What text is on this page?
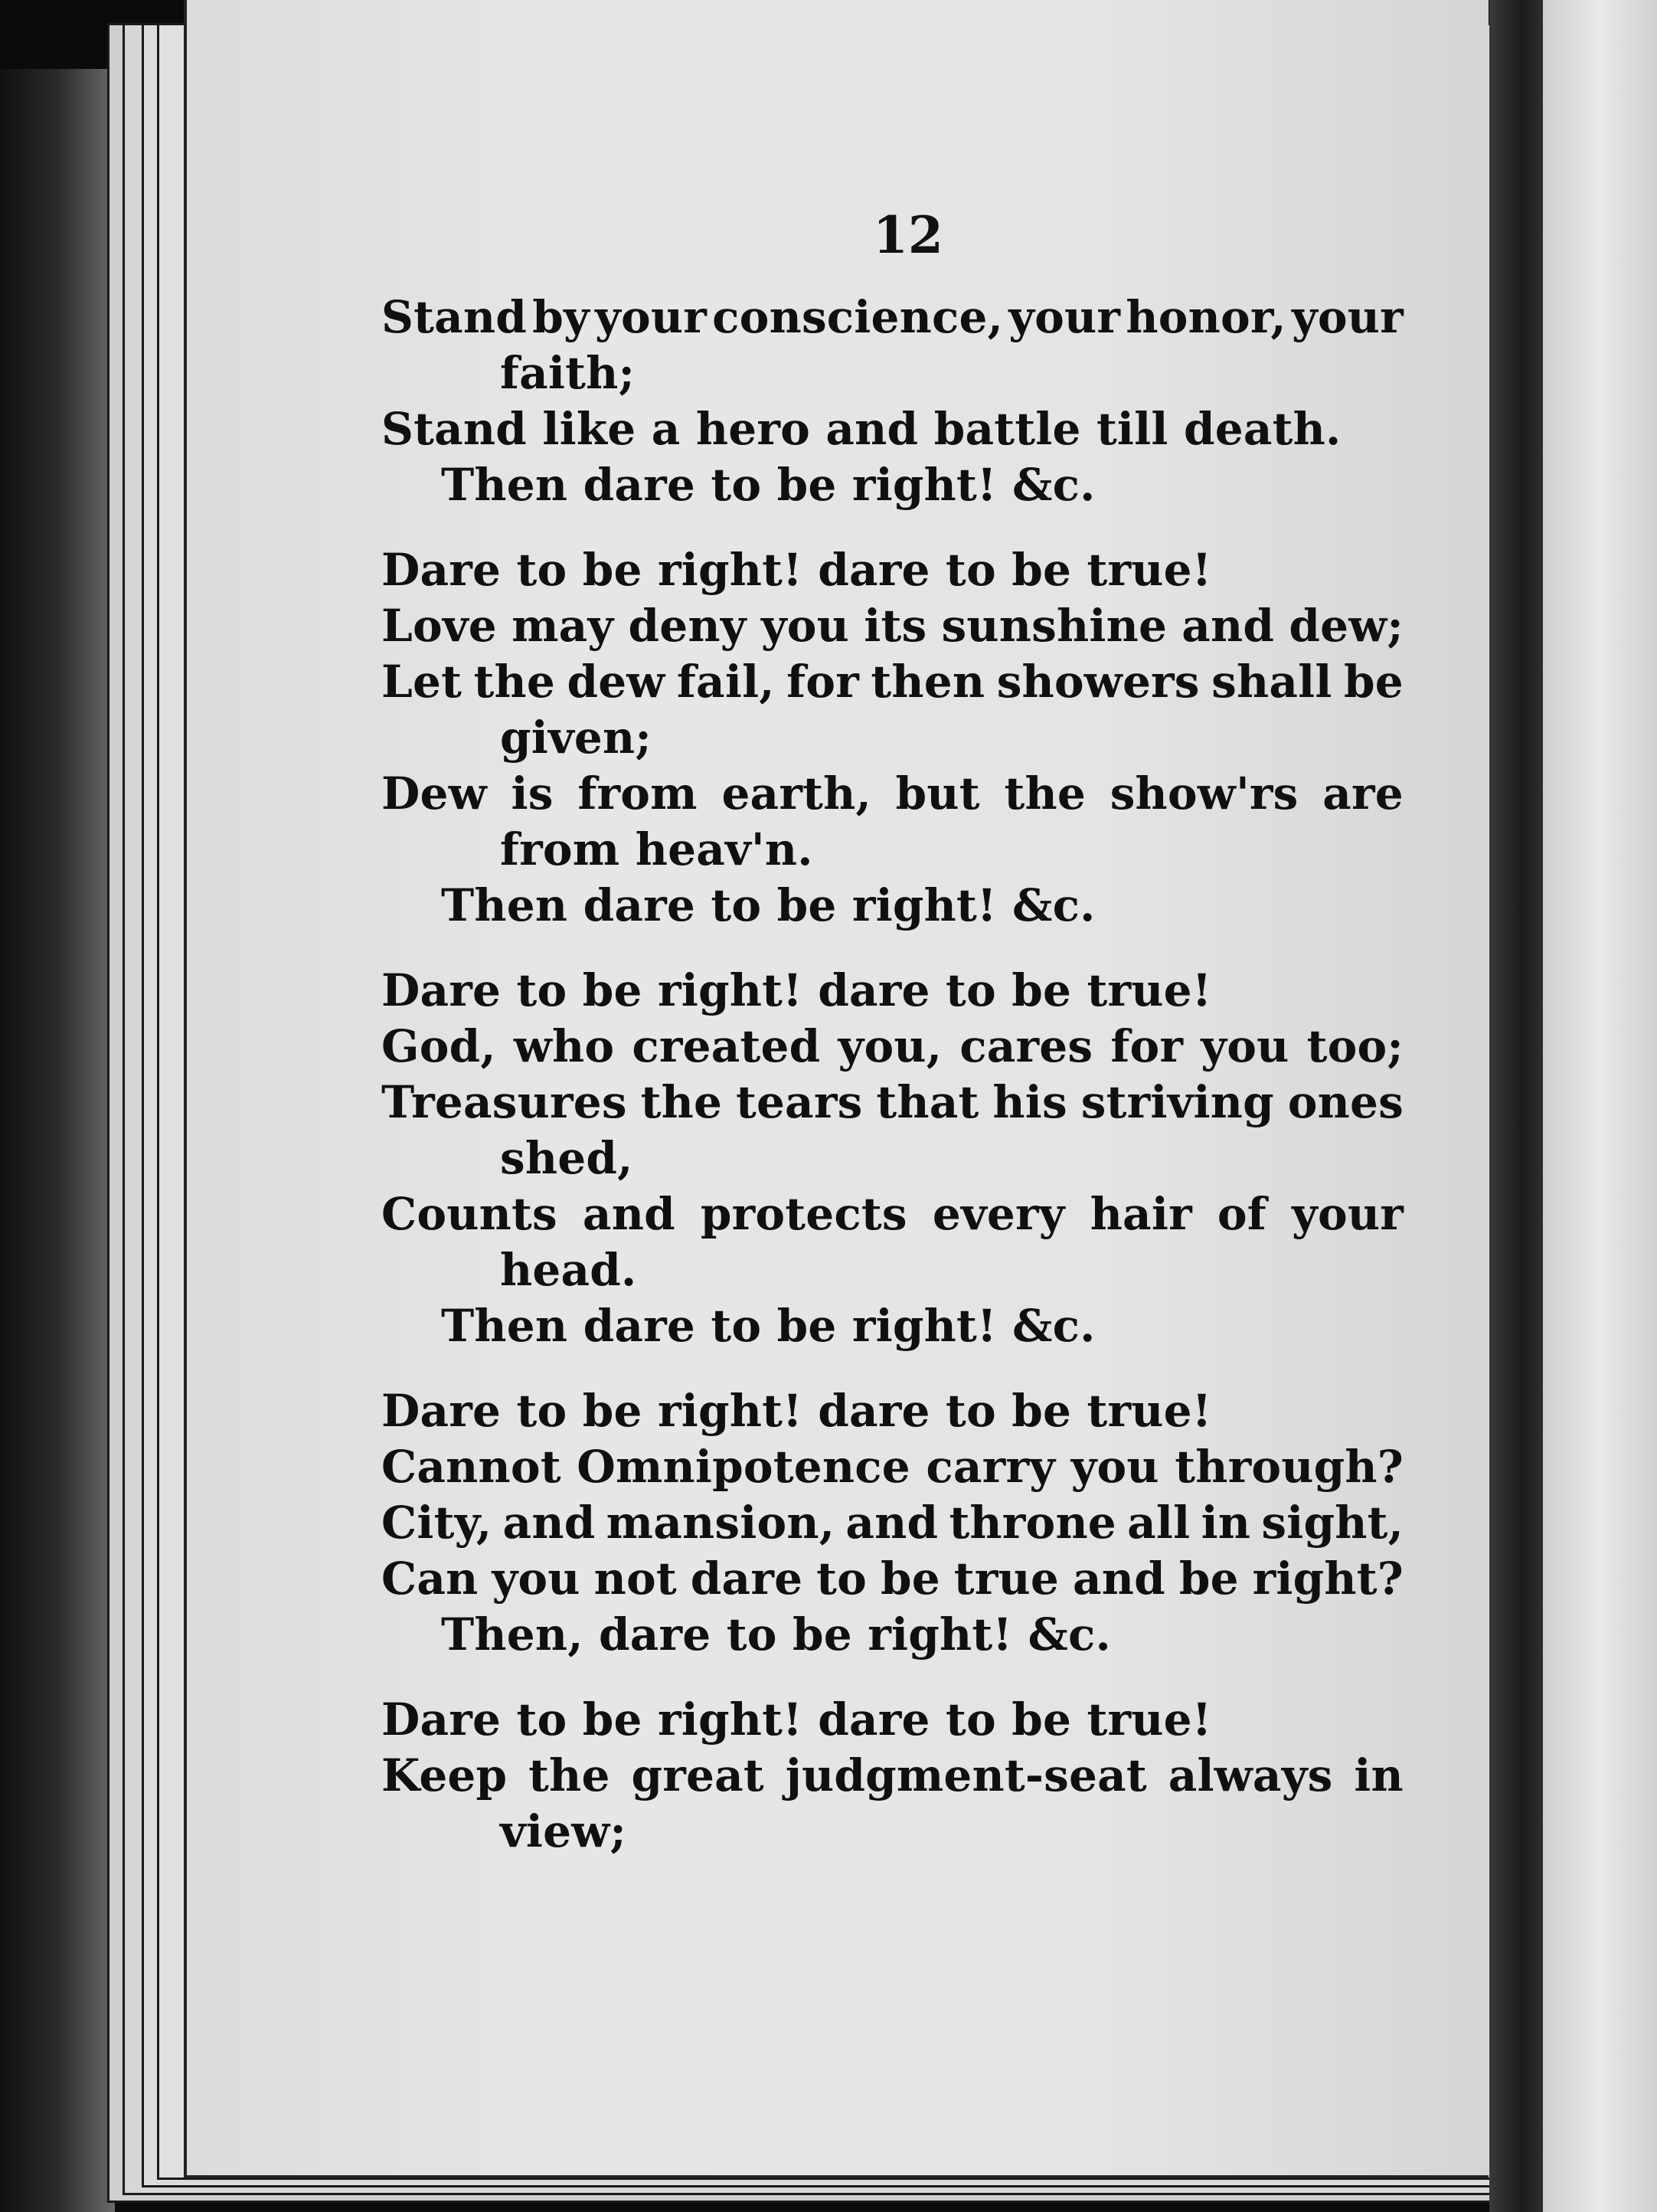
12
Stand by your conscience, your honor, your
faith;
Stand like a hero and battle till death.
Then dare to be right! &c.
Dare to be right! dare to be true!
Love may deny you its sunshine and dew;
Let the dew fail, for then showers shall be
given;
Dew is from earth, but the show'rs are
from heav'n.
Then dare to be right! &c.
Dare to be right! dare to be true!
God, who created you, cares for you too;
Treasures the tears that his striving ones
shed,
Counts and protects every hair of your
head.
Then dare to be right! &c.
Dare to be right! dare to be true!
Cannot Omnipotence carry you through?
City, and mansion, and throne all in sight,
Can you not dare to be true and be right?
Then, dare to be right! &c.
Dare to be right! dare to be true!
Keep the great judgment-seat always in
view;
